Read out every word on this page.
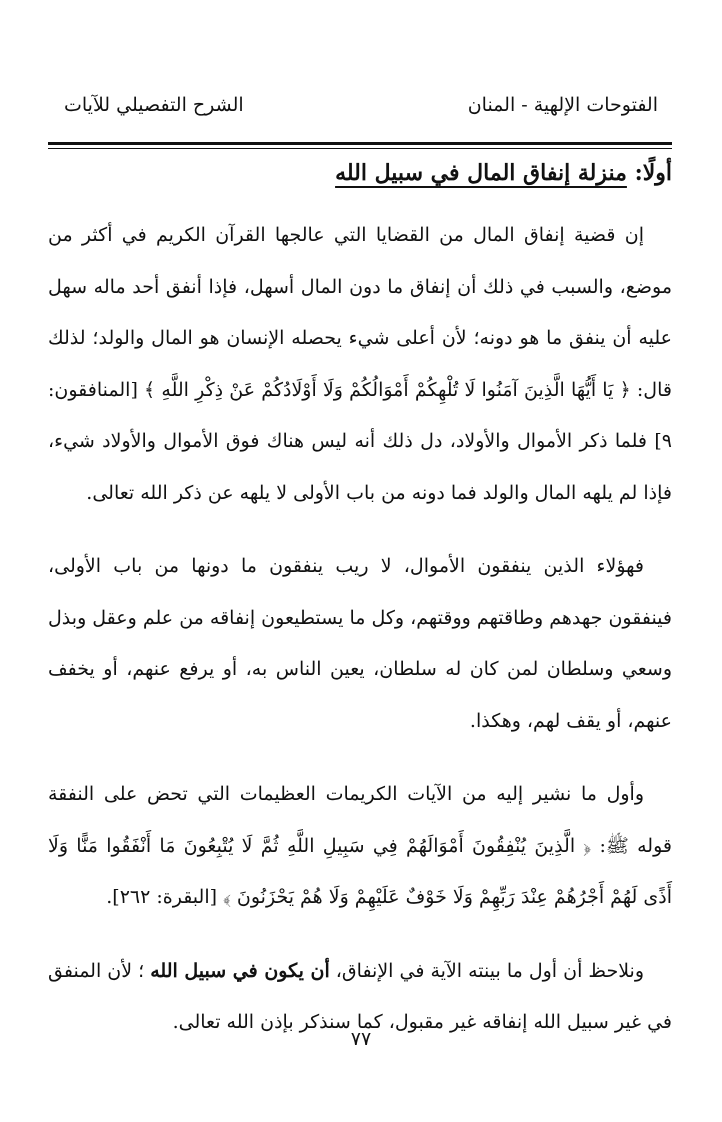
الفتوحات الإلهية - المنان
الشرح التفصيلي للآيات
أولًا: منزلة إنفاق المال في سبيل الله

إن قضية إنفاق المال من القضايا التي عالجها القرآن الكريم في أكثر من موضع، والسبب في ذلك أن إنفاق ما دون المال أسهل، فإذا أنفق أحد ماله سهل عليه أن ينفق ما هو دونه؛ لأن أعلى شيء يحصله الإنسان هو المال والولد؛ لذلك قال: ﴿ يَا أَيُّهَا الَّذِينَ آمَنُوا لَا تُلْهِكُمْ أَمْوَالُكُمْ وَلَا أَوْلَادُكُمْ عَنْ ذِكْرِ اللَّهِ ﴾ [المنافقون: ٩] فلما ذكر الأموال والأولاد، دل ذلك أنه ليس هناك فوق الأموال والأولاد شيء، فإذا لم يلهه المال والولد فما دونه من باب الأولى لا يلهه عن ذكر الله تعالى.

فهؤلاء الذين ينفقون الأموال، لا ريب ينفقون ما دونها من باب الأولى، فينفقون جهدهم وطاقتهم ووقتهم، وكل ما يستطيعون إنفاقه من علم وعقل وبذل وسعي وسلطان لمن كان له سلطان، يعين الناس به، أو يرفع عنهم، أو يخفف عنهم، أو يقف لهم، وهكذا.

وأول ما نشير إليه من الآيات الكريمات العظيمات التي تحض على النفقة قوله ﷺ: ﴿ الَّذِينَ يُنْفِقُونَ أَمْوَالَهُمْ فِي سَبِيلِ اللَّهِ ثُمَّ لَا يُتْبِعُونَ مَا أَنْفَقُوا مَنًّا وَلَا أَذًى لَهُمْ أَجْرُهُمْ عِنْدَ رَبِّهِمْ وَلَا خَوْفٌ عَلَيْهِمْ وَلَا هُمْ يَحْزَنُونَ ﴾ [البقرة: ٢٦٢].

ونلاحظ أن أول ما بينته الآية في الإنفاق، أن يكون في سبيل الله ؛ لأن المنفق في غير سبيل الله إنفاقه غير مقبول، كما سنذكر بإذن الله تعالى.

٧٧
